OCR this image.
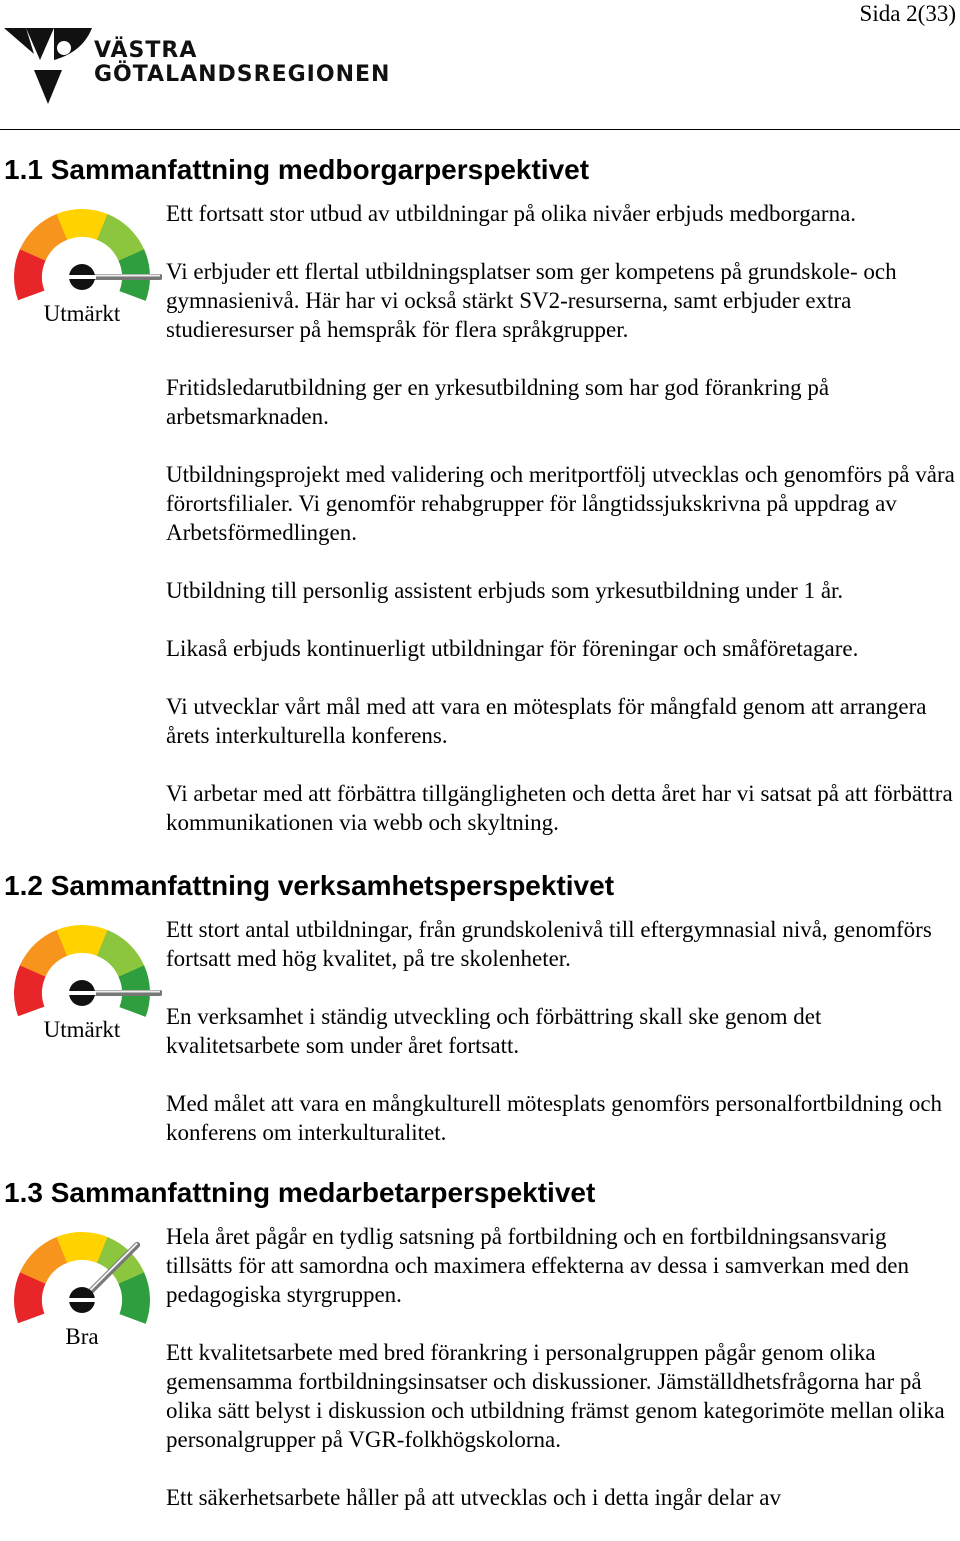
Sida 2(33)
VÄSTRA
GÖTALANDSREGIONEN
1.1 Sammanfattning medborgarperspektivet
Utmärkt

Ett fortsatt stor utbud av utbildningar på olika nivåer erbjuds medborgarna.

Vi erbjuder ett flertal utbildningsplatser som ger kompetens på grundskole- och gymnasienivå. Här har vi också stärkt SV2-resurserna, samt erbjuder extra studieresurser på hemspråk för flera språkgrupper.

Fritidsledarutbildning ger en yrkesutbildning som har god förankring på arbetsmarknaden.

Utbildningsprojekt med validering och meritportfölj utvecklas och genomförs på våra förortsfilialer. Vi genomför rehabgrupper för långtidssjukskrivna på uppdrag av Arbetsförmedlingen.

Utbildning till personlig assistent erbjuds som yrkesutbildning under 1 år.

Likaså erbjuds kontinuerligt utbildningar för föreningar och småföretagare.

Vi utvecklar vårt mål med att vara en mötesplats för mångfald genom att arrangera årets interkulturella konferens.

Vi arbetar med att förbättra tillgängligheten och detta året har vi satsat på att förbättra kommunikationen via webb och skyltning.

1.2 Sammanfattning verksamhetsperspektivet
Utmärkt

Ett stort antal utbildningar, från grundskolenivå till eftergymnasial nivå, genomförs fortsatt med hög kvalitet, på tre skolenheter.

En verksamhet i ständig utveckling och förbättring skall ske genom det kvalitetsarbete som under året fortsatt.

Med målet att vara en mångkulturell mötesplats genomförs personalfortbildning och konferens om interkulturalitet.

1.3 Sammanfattning medarbetarperspektivet
Bra

Hela året pågår en tydlig satsning på fortbildning och en fortbildningsansvarig tillsätts för att samordna och maximera effekterna av dessa i samverkan med den pedagogiska styrgruppen.

Ett kvalitetsarbete med bred förankring i personalgruppen pågår genom olika gemensamma fortbildningsinsatser och diskussioner. Jämställdhetsfrågorna har på olika sätt belyst i diskussion och utbildning främst genom kategorimöte mellan olika personalgrupper på VGR-folkhögskolorna.

Ett säkerhetsarbete håller på att utvecklas och i detta ingår delar av
